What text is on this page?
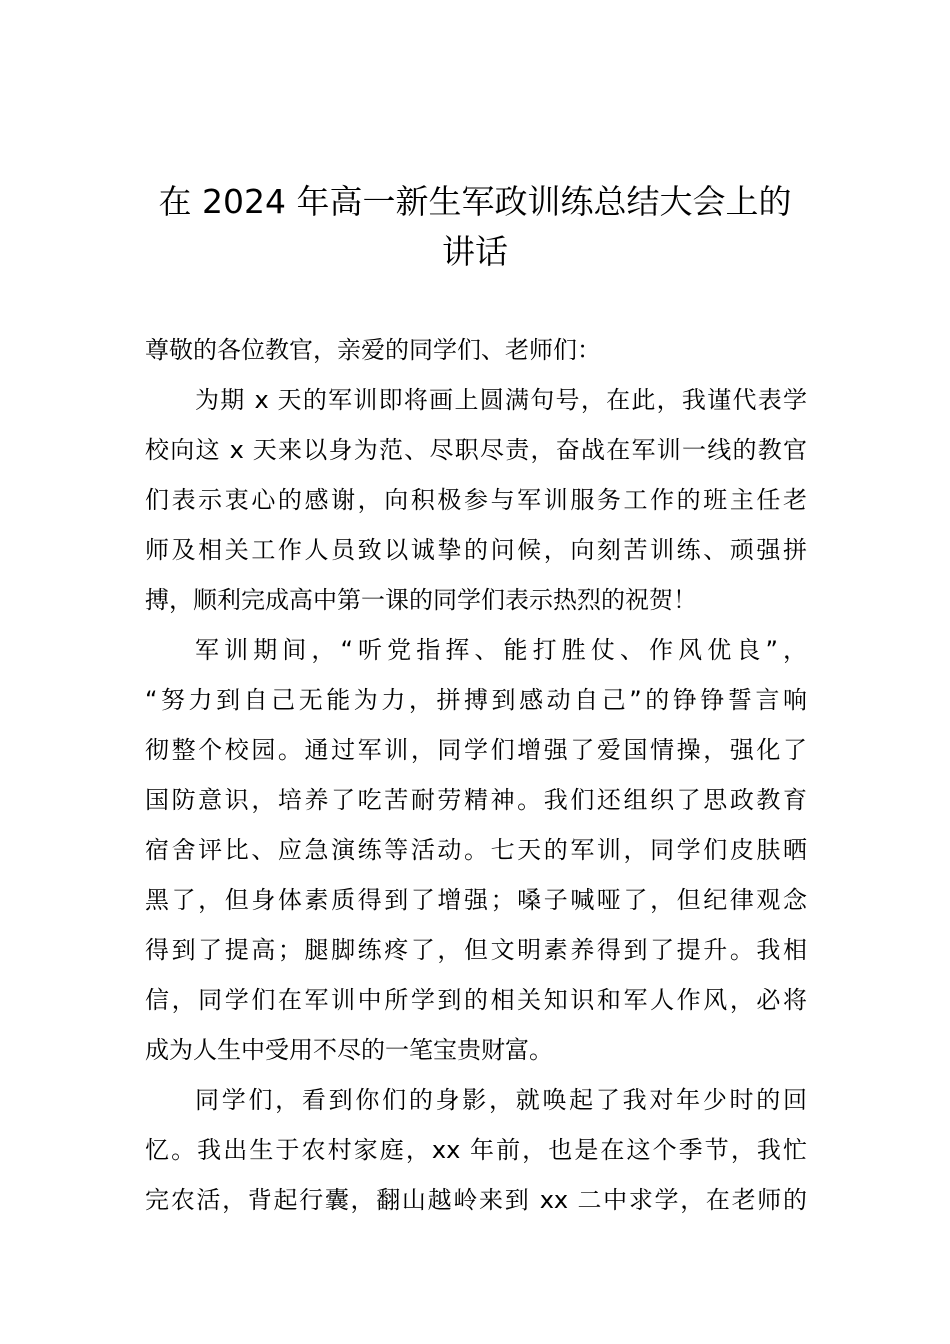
在 2024 年高一新生军政训练总结大会上的
讲话
尊敬的各位教官，亲爱的同学们、老师们：
为期 x 天的军训即将画上圆满句号，在此，我谨代表学
校向这 x 天来以身为范、尽职尽责，奋战在军训一线的教官
们表示衷心的感谢，向积极参与军训服务工作的班主任老
师及相关工作人员致以诚挚的问候，向刻苦训练、顽强拼
搏，顺利完成高中第一课的同学们表示热烈的祝贺！
军训期间，“听党指挥、能打胜仗、作风优良”，
“努力到自己无能为力，拼搏到感动自己”的铮铮誓言响
彻整个校园。通过军训，同学们增强了爱国情操，强化了
国防意识，培养了吃苦耐劳精神。我们还组织了思政教育
宿舍评比、应急演练等活动。七天的军训，同学们皮肤晒
黑了，但身体素质得到了增强；嗓子喊哑了，但纪律观念
得到了提高；腿脚练疼了，但文明素养得到了提升。我相
信，同学们在军训中所学到的相关知识和军人作风，必将
成为人生中受用不尽的一笔宝贵财富。
同学们，看到你们的身影，就唤起了我对年少时的回
忆。我出生于农村家庭，xx 年前，也是在这个季节，我忙
完农活，背起行囊，翻山越岭来到 xx 二中求学，在老师的
